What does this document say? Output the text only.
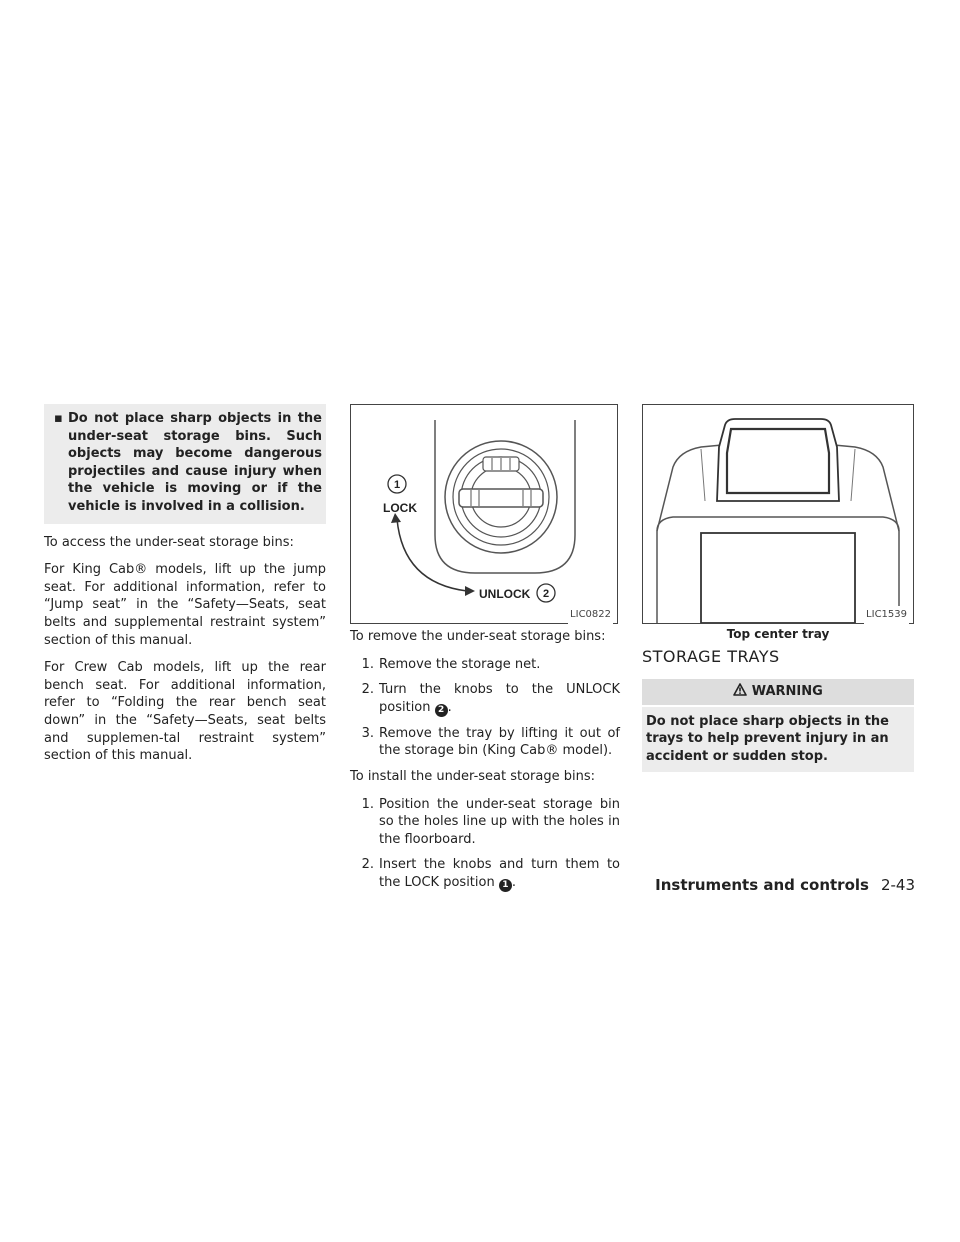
▪ Do not place sharp objects in the under-seat storage bins. Such objects may become dangerous projectiles and cause injury when the vehicle is moving or if the vehicle is involved in a collision.

To access the under-seat storage bins:

For King Cab® models, lift up the jump seat. For additional information, refer to “Jump seat” in the “Safety—Seats, seat belts and supplemental restraint system” section of this manual.

For Crew Cab models, lift up the rear bench seat. For additional information, refer to “Folding the rear bench seat down” in the “Safety—Seats, seat belts and supplemen-tal restraint system” section of this manual.

1
LOCK
UNLOCK 2
LIC0822

To remove the under-seat storage bins:

1. Remove the storage net.
2. Turn the knobs to the UNLOCK position 2 .
3. Remove the tray by lifting it out of the storage bin (King Cab® model).

To install the under-seat storage bins:

1. Position the under-seat storage bin so the holes line up with the holes in the floorboard.
2. Insert the knobs and turn them to the LOCK position 1 .
LIC1539
Top center tray
STORAGE TRAYS
WARNING
Do not place sharp objects in the trays to help prevent injury in an accident or sudden stop.
Instruments and controls 2-43
